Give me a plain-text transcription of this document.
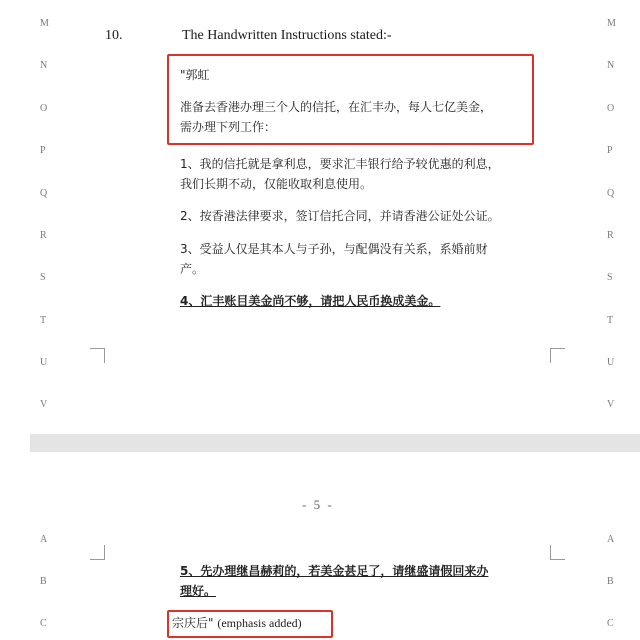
M
N
O
P
Q
R
S
T
U
V
M
N
O
P
Q
R
S
T
U
V
10.	The Handwritten Instructions stated:-
"郭虹
准备去香港办理三个人的信托，在汇丰办，每人七亿美金，
需办理下列工作：
1、我的信托就是拿利息，要求汇丰银行给予较优惠的利息，
我们长期不动，仅能收取利息使用。
2、按香港法律要求，签订信托合同，并请香港公证处公证。
3、受益人仅是其本人与子孙，与配偶没有关系，系婚前财
产。
4、汇丰账目美金尚不够，请把人民币换成美金。
- 5 -
A
B
C
A
B
C
5、先办理继昌赫莉的，若美金甚足了，请继盛请假回来办
理好。
宗庆后" (emphasis added)
